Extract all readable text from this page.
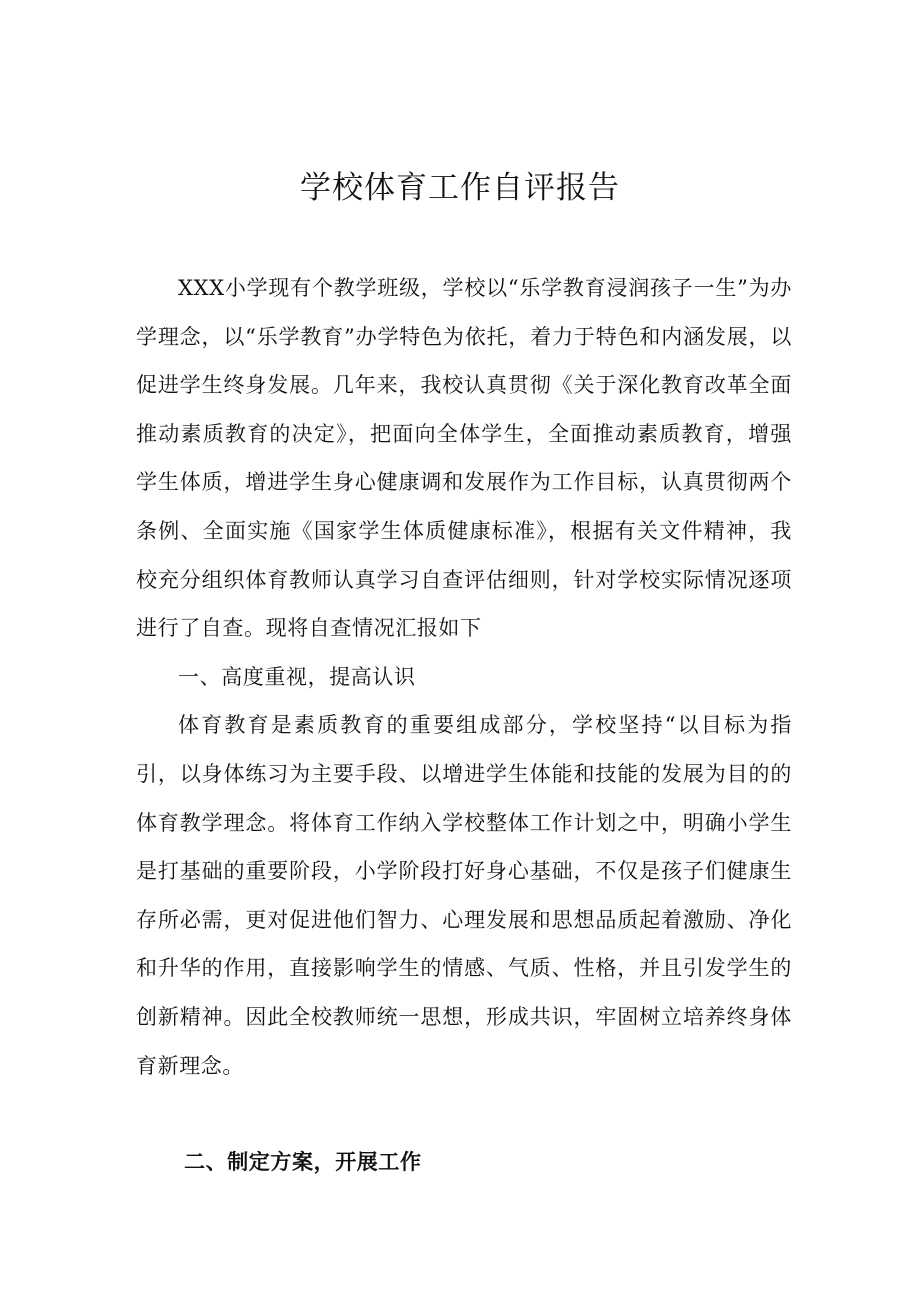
学校体育工作自评报告

XXX小学现有个教学班级，学校以“乐学教育浸润孩子一生”为办学理念，以“乐学教育”办学特色为依托，着力于特色和内涵发展，以促进学生终身发展。几年来，我校认真贯彻《关于深化教育改革全面推动素质教育的决定》，把面向全体学生，全面推动素质教育，增强学生体质，增进学生身心健康调和发展作为工作目标，认真贯彻两个条例、全面实施《国家学生体质健康标准》，根据有关文件精神，我校充分组织体育教师认真学习自查评估细则，针对学校实际情况逐项进行了自查。现将自查情况汇报如下

一、高度重视，提高认识

体育教育是素质教育的重要组成部分，学校坚持“以目标为指引，以身体练习为主要手段、以增进学生体能和技能的发展为目的的体育教学理念。将体育工作纳入学校整体工作计划之中，明确小学生是打基础的重要阶段，小学阶段打好身心基础，不仅是孩子们健康生存所必需，更对促进他们智力、心理发展和思想品质起着激励、净化和升华的作用，直接影响学生的情感、气质、性格，并且引发学生的创新精神。因此全校教师统一思想，形成共识，牢固树立培养终身体育新理念。

二、制定方案，开展工作
